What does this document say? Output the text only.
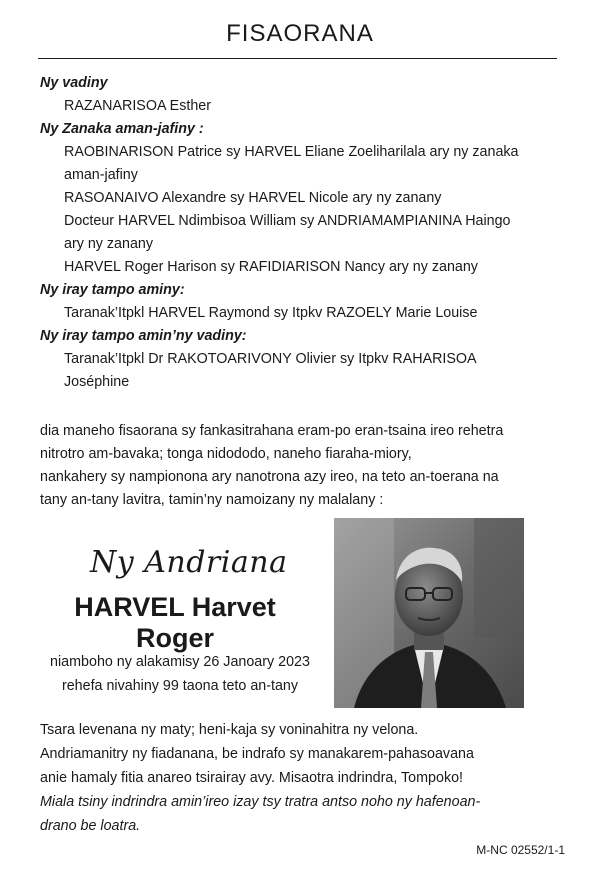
FISAORANA
Ny vadiny
RAZANARISOA Esther
Ny Zanaka aman-jafiny :
RAOBINARISON Patrice sy HARVEL Eliane Zoeliharilala ary ny zanaka
aman-jafiny
RASOANAIVO Alexandre sy HARVEL Nicole ary ny zanany
Docteur HARVEL Ndimbisoa William sy ANDRIAMAMPIANINA Haingo
ary ny zanany
HARVEL Roger Harison sy RAFIDIARISON Nancy ary ny zanany
Ny iray tampo aminy:
Taranak’Itpkl HARVEL Raymond sy Itpkv RAZOELY Marie Louise
Ny iray tampo amin’ny vadiny:
Taranak’Itpkl Dr RAKOTOARIVONY Olivier sy Itpkv RAHARISOA
Joséphine
dia maneho fisaorana sy fankasitrahana eram-po eran-tsaina ireo rehetra
nitrotro am-bavaka; tonga nidododo, naneho fiaraha-miory,
nankahery sy nampionona ary nanotrona azy ireo, na teto an-toerana na
tany an-tany lavitra, tamin’ny namoizany ny malalany :
Ny Andriana
HARVEL Harvet Roger
niamboho ny alakamisy 26 Janoary 2023
rehefa nivahiny 99 taona teto an-tany
Tsara levenana ny maty; heni-kaja sy voninahitra ny velona.
Andriamanitry ny fiadanana, be indrafo sy manakarem-pahasoavana
anie hamaly fitia anareo tsirairay avy. Misaotra indrindra, Tompoko!
Miala tsiny indrindra amin’ireo izay tsy tratra antso noho ny hafenoan-
drano be loatra.
M-NC 02552/1-1
